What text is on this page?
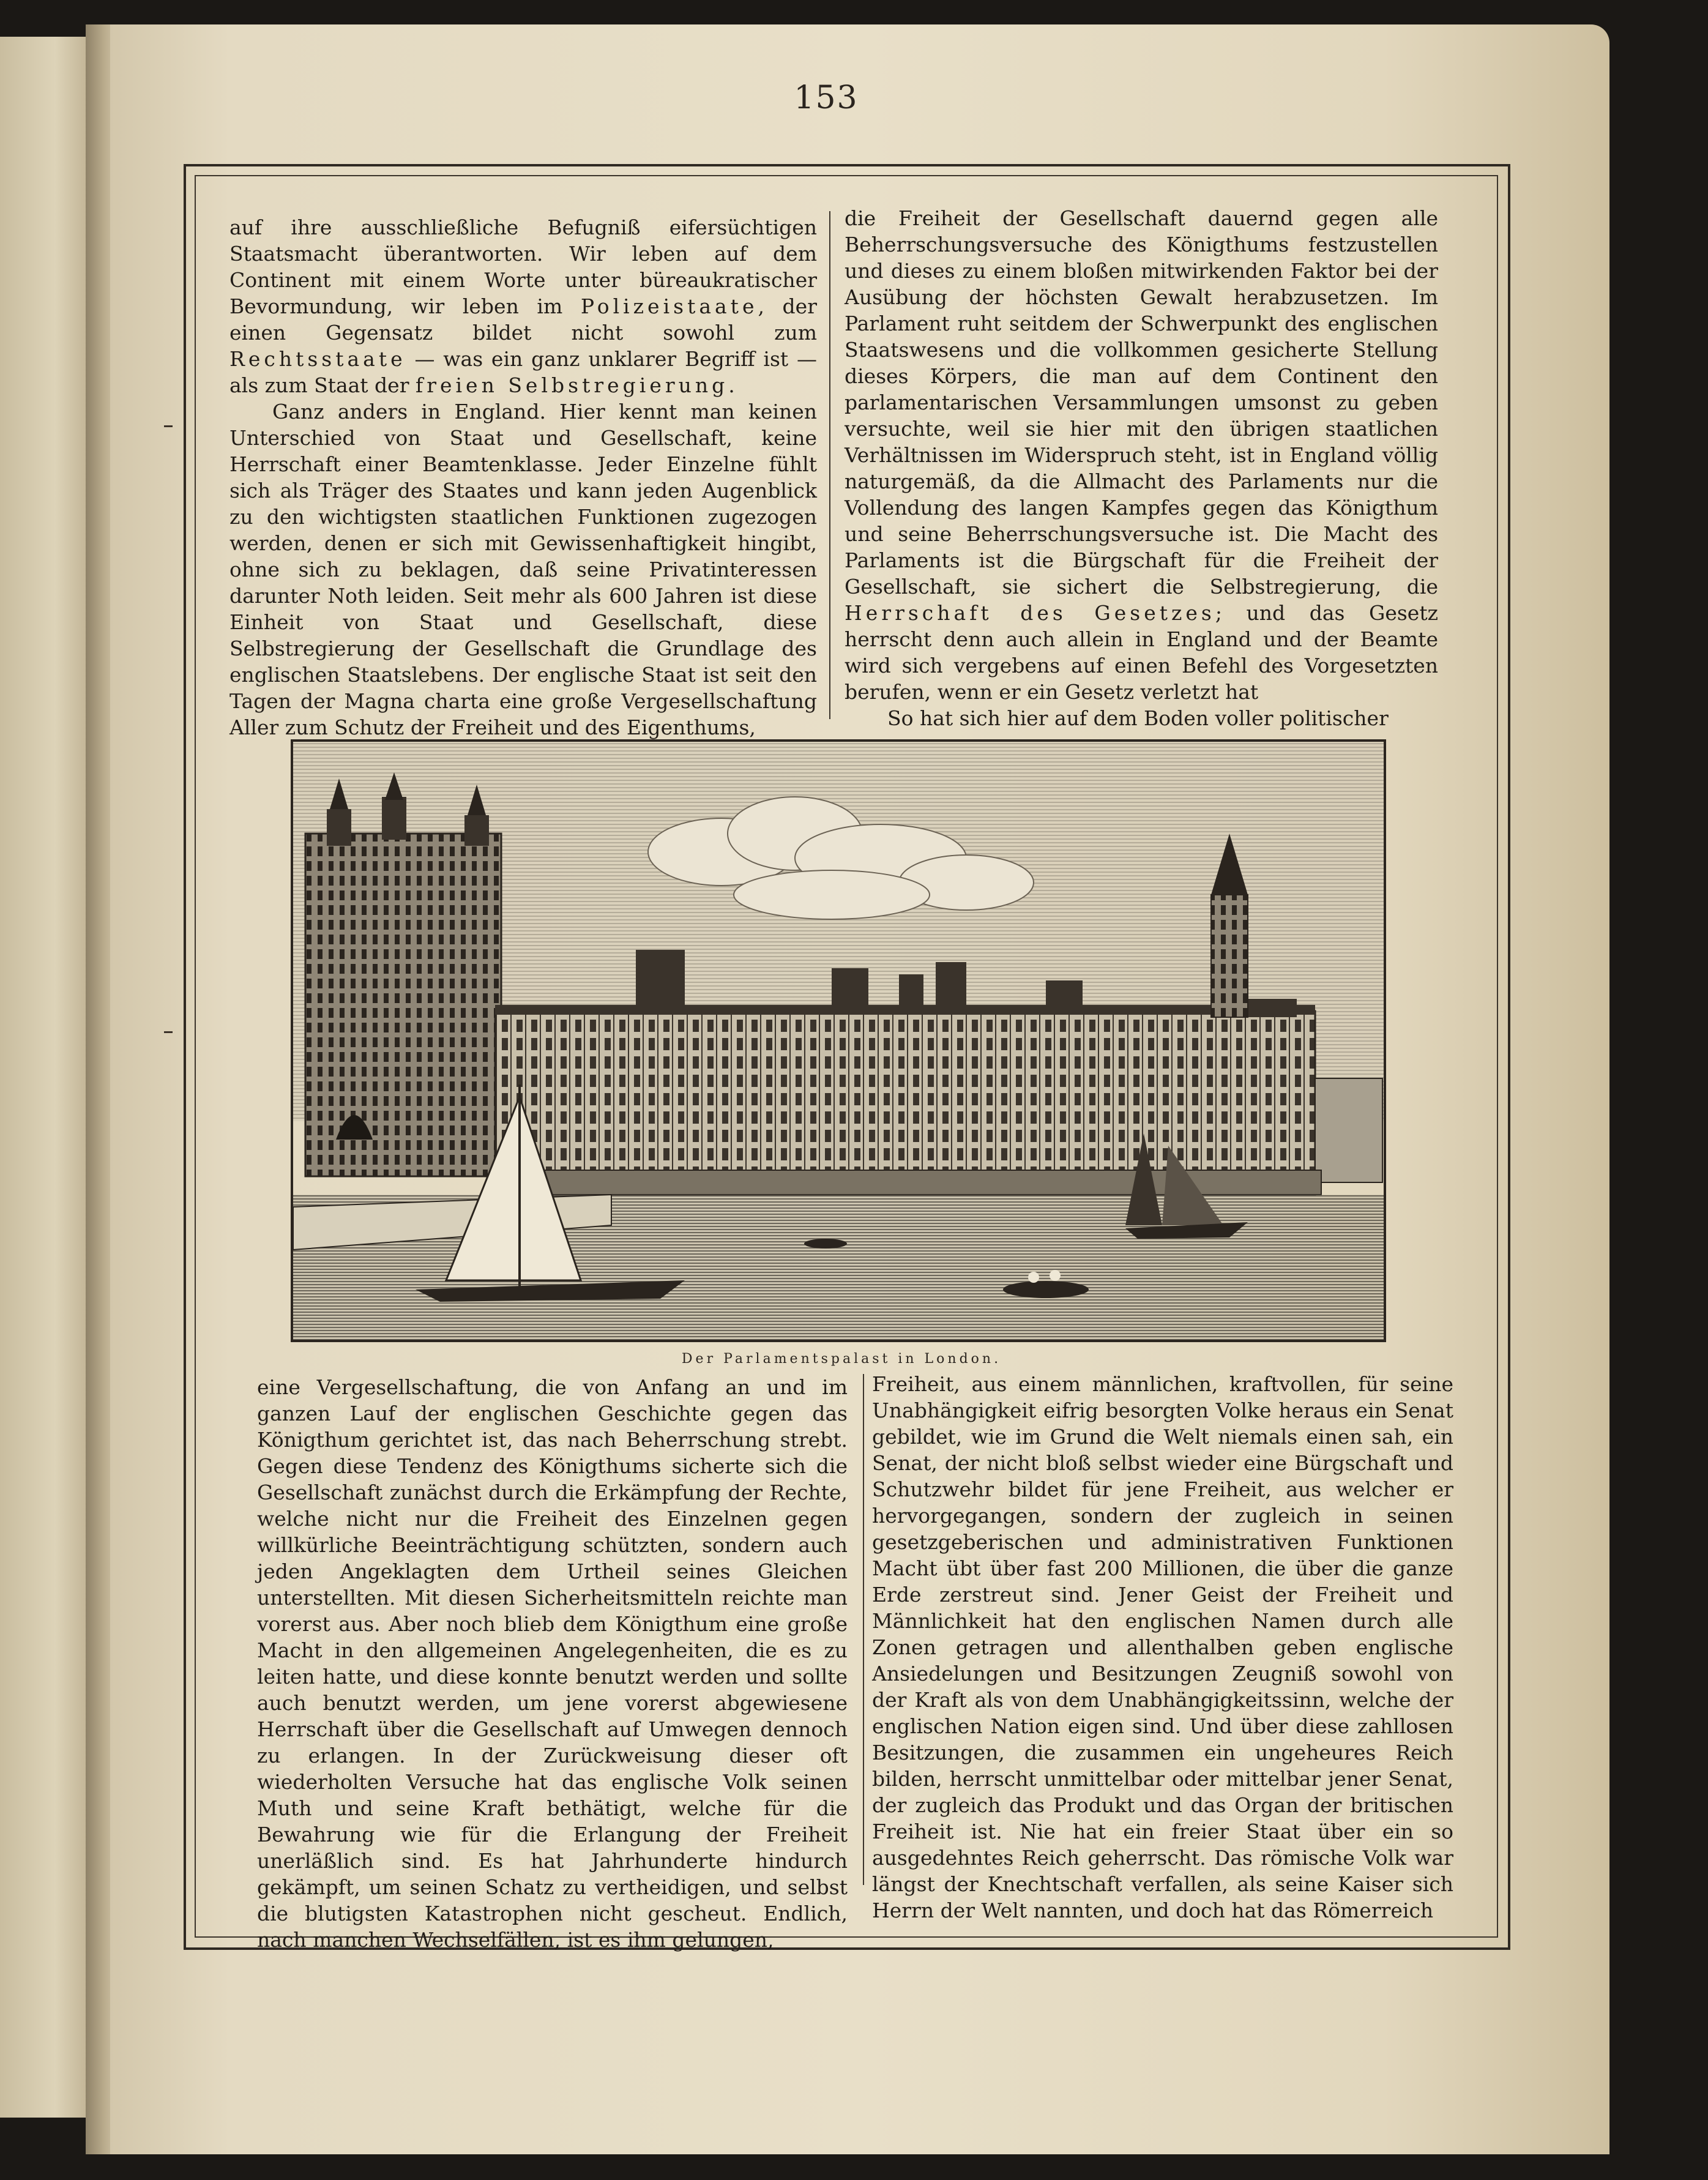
153

auf ihre ausschließliche Befugniß eifersüchtigen Staatsmacht überantworten. Wir leben auf dem Continent mit einem Worte unter büreaukratischer Bevormundung, wir leben im Polizeistaate, der einen Gegensatz bildet nicht sowohl zum Rechtsstaate — was ein ganz unklarer Begriff ist — als zum Staat der freien Selbstregierung.

Ganz anders in England. Hier kennt man keinen Unterschied von Staat und Gesellschaft, keine Herrschaft einer Beamtenklasse. Jeder Einzelne fühlt sich als Träger des Staates und kann jeden Augenblick zu den wichtigsten staatlichen Funktionen zugezogen werden, denen er sich mit Gewissenhaftigkeit hingibt, ohne sich zu beklagen, daß seine Privatinteressen darunter Noth leiden. Seit mehr als 600 Jahren ist diese Einheit von Staat und Gesellschaft, diese Selbstregierung der Gesellschaft die Grundlage des englischen Staatslebens. Der englische Staat ist seit den Tagen der Magna charta eine große Vergesellschaftung Aller zum Schutz der Freiheit und des Eigenthums,

die Freiheit der Gesellschaft dauernd gegen alle Beherrschungsversuche des Königthums festzustellen und dieses zu einem bloßen mitwirkenden Faktor bei der Ausübung der höchsten Gewalt herabzusetzen. Im Parlament ruht seitdem der Schwerpunkt des englischen Staatswesens und die vollkommen gesicherte Stellung dieses Körpers, die man auf dem Continent den parlamentarischen Versammlungen umsonst zu geben versuchte, weil sie hier mit den übrigen staatlichen Verhältnissen im Widerspruch steht, ist in England völlig naturgemäß, da die Allmacht des Parlaments nur die Vollendung des langen Kampfes gegen das Königthum und seine Beherrschungsversuche ist. Die Macht des Parlaments ist die Bürgschaft für die Freiheit der Gesellschaft, sie sichert die Selbstregierung, die Herrschaft des Gesetzes; und das Gesetz herrscht denn auch allein in England und der Beamte wird sich vergebens auf einen Befehl des Vorgesetzten berufen, wenn er ein Gesetz verletzt hat

So hat sich hier auf dem Boden voller politischer

Der Parlamentspalast in London.

eine Vergesellschaftung, die von Anfang an und im ganzen Lauf der englischen Geschichte gegen das Königthum gerichtet ist, das nach Beherrschung strebt. Gegen diese Tendenz des Königthums sicherte sich die Gesellschaft zunächst durch die Erkämpfung der Rechte, welche nicht nur die Freiheit des Einzelnen gegen willkürliche Beeinträchtigung schützten, sondern auch jeden Angeklagten dem Urtheil seines Gleichen unterstellten. Mit diesen Sicherheitsmitteln reichte man vorerst aus. Aber noch blieb dem Königthum eine große Macht in den allgemeinen Angelegenheiten, die es zu leiten hatte, und diese konnte benutzt werden und sollte auch benutzt werden, um jene vorerst abgewiesene Herrschaft über die Gesellschaft auf Umwegen dennoch zu erlangen. In der Zurückweisung dieser oft wiederholten Versuche hat das englische Volk seinen Muth und seine Kraft bethätigt, welche für die Bewahrung wie für die Erlangung der Freiheit unerläßlich sind. Es hat Jahrhunderte hindurch gekämpft, um seinen Schatz zu vertheidigen, und selbst die blutigsten Katastrophen nicht gescheut. Endlich, nach manchen Wechselfällen, ist es ihm gelungen,

Freiheit, aus einem männlichen, kraftvollen, für seine Unabhängigkeit eifrig besorgten Volke heraus ein Senat gebildet, wie im Grund die Welt niemals einen sah, ein Senat, der nicht bloß selbst wieder eine Bürgschaft und Schutzwehr bildet für jene Freiheit, aus welcher er hervorgegangen, sondern der zugleich in seinen gesetzgeberischen und administrativen Funktionen Macht übt über fast 200 Millionen, die über die ganze Erde zerstreut sind. Jener Geist der Freiheit und Männlichkeit hat den englischen Namen durch alle Zonen getragen und allenthalben geben englische Ansiedelungen und Besitzungen Zeugniß sowohl von der Kraft als von dem Unabhängigkeitssinn, welche der englischen Nation eigen sind. Und über diese zahllosen Besitzungen, die zusammen ein ungeheures Reich bilden, herrscht unmittelbar oder mittelbar jener Senat, der zugleich das Produkt und das Organ der britischen Freiheit ist. Nie hat ein freier Staat über ein so ausgedehntes Reich geherrscht. Das römische Volk war längst der Knechtschaft verfallen, als seine Kaiser sich Herrn der Welt nannten, und doch hat das Römerreich
